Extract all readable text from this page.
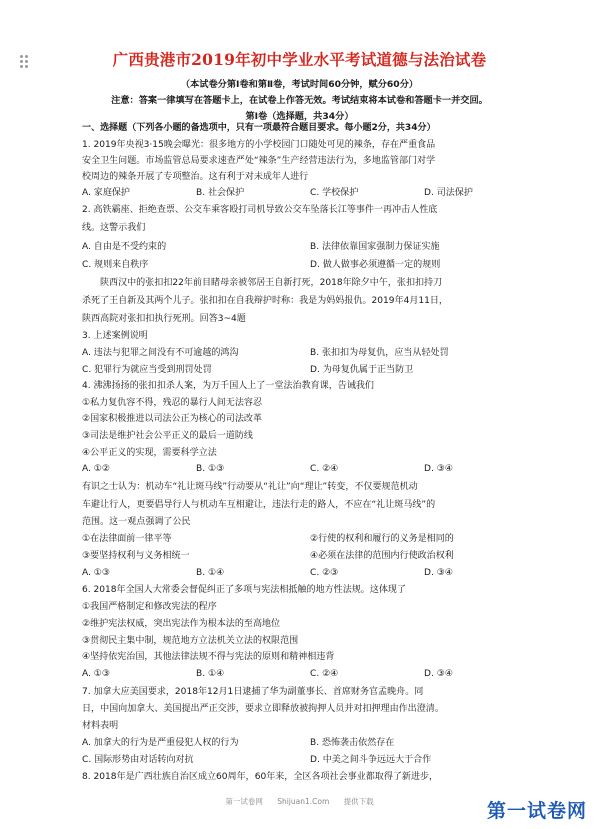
广西贵港市2019年初中学业水平考试道德与法治试卷
（本试卷分第Ⅰ卷和第Ⅱ卷，考试时间60分钟，赋分60分）
注意：答案一律填写在答题卡上，在试卷上作答无效。考试结束将本试卷和答题卡一并交回。
第Ⅰ卷（选择题，共34分）
一、选择题（下列各小题的备选项中，只有一项最符合题目要求。每小题2分，共34分）
1. 2019年央视3·15晚会曝光：很多地方的小学校园门口随处可见的辣条，存在严重食品
安全卫生问题。市场监管总局要求速查严处“辣条”生产经营违法行为，多地监管部门对学
校周边的辣条开展了专项整治。这有利于对未成年人进行
A. 家庭保护	B. 社会保护	C. 学校保护	D. 司法保护
2. 高铁霸座、拒绝查票、公交车乘客殴打司机导致公交车坠落长江等事件一再冲击人性底
线。这警示我们
A. 自由是不受约束的	B. 法律依靠国家强制力保证实施
C. 规则来自秩序	D. 做人做事必须遵循一定的规则
陕西汉中的张扣扣22年前目睹母亲被邻居王自新打死，2018年除夕中午，张扣扣持刀
杀死了王自新及其两个儿子。张扣扣在自我辩护时称：我是为妈妈报仇。2019年4月11日，
陕西高院对张扣扣执行死刑。回答3~4题
3. 上述案例说明
A. 违法与犯罪之间没有不可逾越的鸿沟	B. 张扣扣为母复仇，应当从轻处罚
C. 犯罪行为就应当受到刑罚处罚	D. 为母复仇属于正当防卫
4. 沸沸扬扬的张扣扣杀人案，为万千国人上了一堂法治教育课，告诫我们
①私力复仇容不得，残忍的暴行人间无法容忍
②国家积极推进以司法公正为核心的司法改革
③司法是维护社会公平正义的最后一道防线
④公平正义的实现，需要科学立法
A. ①②	B. ①③	C. ②④	D. ③④
有识之士认为：机动车“礼让斑马线”行动要从“礼让”向“理让”转变，不仅要规范机动
车避让行人，更要倡导行人与机动车互相避让，违法行走的路人，不应在“礼让斑马线”的
范围。这一观点强调了公民
①在法律面前一律平等	②行使的权利和履行的义务是相同的
③要坚持权利与义务相统一	④必须在法律的范围内行使政治权利
A. ①③	B. ①④	C. ②③	D. ③④
6. 2018年全国人大常委会督促纠正了多项与宪法相抵触的地方性法规。这体现了
①我国严格制定和修改宪法的程序
②维护宪法权威，突出宪法作为根本法的至高地位
③贯彻民主集中制，规范地方立法机关立法的权限范围
④坚持依宪治国，其他法律法规不得与宪法的原则和精神相违背
A. ①③	B. ①④	C. ②④	D. ③④
7. 加拿大应美国要求，2018年12月1日逮捕了华为副董事长、首席财务官孟晚舟。同
日，中国向加拿大、美国提出严正交涉，要求立即释放被拘押人员并对扣押理由作出澄清。
材料表明
A. 加拿大的行为是严重侵犯人权的行为	B. 恐怖袭击依然存在
C. 国际形势由对话转向对抗	D. 中美之间斗争远远大于合作
8. 2018年是广西壮族自治区成立60周年，60年来，全区各项社会事业都取得了新进步，
第一试卷网      Shijuan1.Com      提供下载	第一试卷网
